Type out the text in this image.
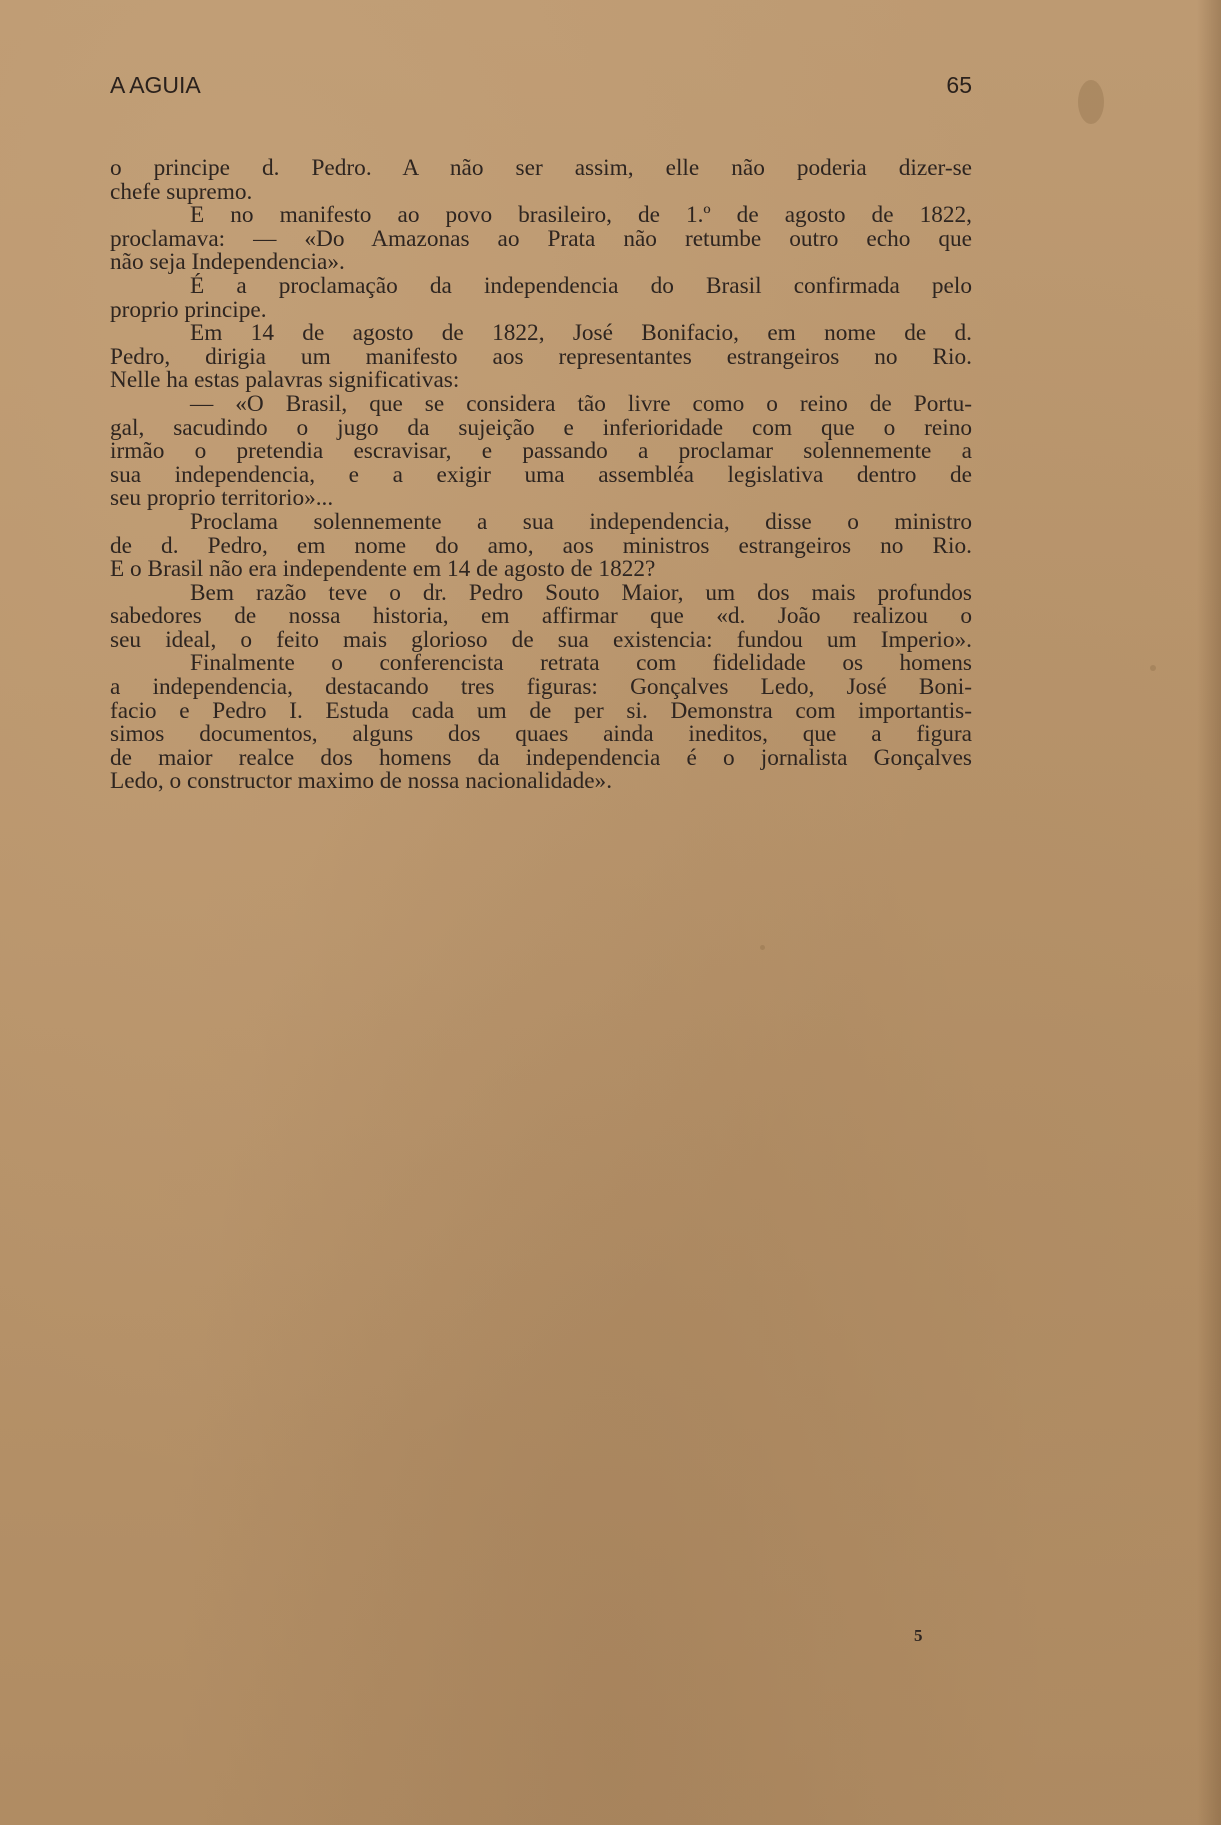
A AGUIA	65
o principe d. Pedro. A não ser assim, elle não poderia dizer-se
chefe supremo.
E no manifesto ao povo brasileiro, de 1.º de agosto de 1822,
proclamava: — «Do Amazonas ao Prata não retumbe outro echo que
não seja Independencia».
É a proclamação da independencia do Brasil confirmada pelo
proprio principe.
Em 14 de agosto de 1822, José Bonifacio, em nome de d.
Pedro, dirigia um manifesto aos representantes estrangeiros no Rio.
Nelle ha estas palavras significativas:
— «O Brasil, que se considera tão livre como o reino de Portu-
gal, sacudindo o jugo da sujeição e inferioridade com que o reino
irmão o pretendia escravisar, e passando a proclamar solennemente a
sua independencia, e a exigir uma assembléa legislativa dentro de
seu proprio territorio»...
Proclama solennemente a sua independencia, disse o ministro
de d. Pedro, em nome do amo, aos ministros estrangeiros no Rio.
E o Brasil não era independente em 14 de agosto de 1822?
Bem razão teve o dr. Pedro Souto Maior, um dos mais profundos
sabedores de nossa historia, em affirmar que «d. João realizou o
seu ideal, o feito mais glorioso de sua existencia: fundou um Imperio».
Finalmente o conferencista retrata com fidelidade os homens
a independencia, destacando tres figuras: Gonçalves Ledo, José Boni-
facio e Pedro I. Estuda cada um de per si. Demonstra com importantis-
simos documentos, alguns dos quaes ainda ineditos, que a figura
de maior realce dos homens da independencia é o jornalista Gonçalves
Ledo, o constructor maximo de nossa nacionalidade».
5
